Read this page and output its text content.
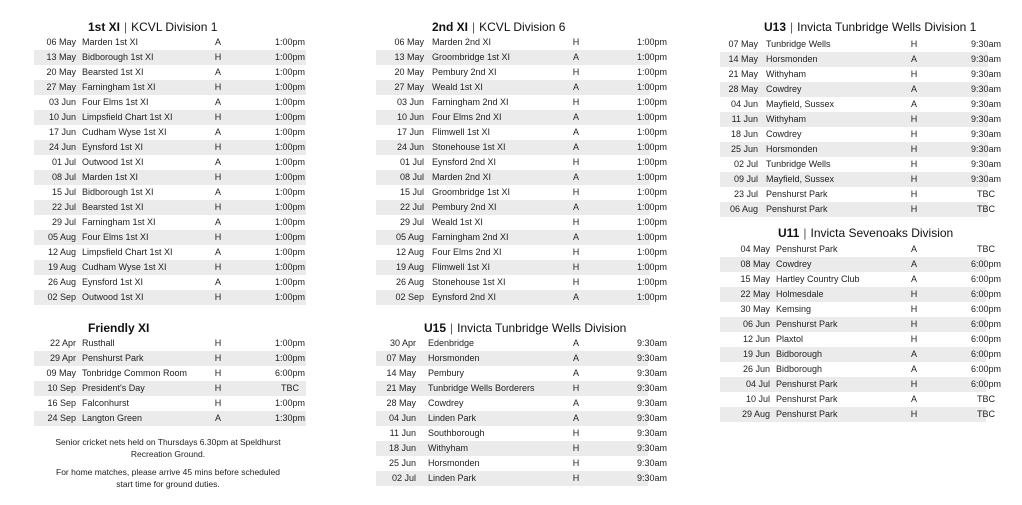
1st XI | KCVL Division 1
06 May Marden 1st XI	A	1:00pm
13 May Bidborough 1st XI	H	1:00pm
20 May Bearsted 1st XI	A	1:00pm
27 May Farningham 1st XI	H	1:00pm
03 Jun Four Elms 1st XI	A	1:00pm
10 Jun Limpsfield Chart 1st XI	H	1:00pm
17 Jun Cudham Wyse 1st XI	A	1:00pm
24 Jun Eynsford 1st XI	H	1:00pm
01 Jul Outwood 1st XI	A	1:00pm
08 Jul Marden 1st XI	H	1:00pm
15 Jul Bidborough 1st XI	A	1:00pm
22 Jul Bearsted 1st XI	H	1:00pm
29 Jul Farningham 1st XI	A	1:00pm
05 Aug Four Elms 1st XI	H	1:00pm
12 Aug Limpsfield Chart 1st XI	A	1:00pm
19 Aug Cudham Wyse 1st XI	H	1:00pm
26 Aug Eynsford 1st XI	A	1:00pm
02 Sep Outwood 1st XI	H	1:00pm
Friendly XI
22 Apr Rusthall	H	1:00pm
29 Apr Penshurst Park	H	1:00pm
09 May Tonbridge Common Room	H	6:00pm
10 Sep President's Day	H	TBC
16 Sep Falconhurst	H	1:00pm
24 Sep Langton Green	A	1:30pm
2nd XI | KCVL Division 6
06 May Marden 2nd XI	H	1:00pm
13 May Groombridge 1st XI	A	1:00pm
20 May Pembury 2nd XI	H	1:00pm
27 May Weald 1st XI	A	1:00pm
03 Jun Farningham 2nd XI	H	1:00pm
10 Jun Four Elms 2nd XI	A	1:00pm
17 Jun Flimwell 1st XI	A	1:00pm
24 Jun Stonehouse 1st XI	A	1:00pm
01 Jul Eynsford 2nd XI	H	1:00pm
08 Jul Marden 2nd XI	A	1:00pm
15 Jul Groombridge 1st XI	H	1:00pm
22 Jul Pembury 2nd XI	A	1:00pm
29 Jul Weald 1st XI	H	1:00pm
05 Aug Farningham 2nd XI	A	1:00pm
12 Aug Four Elms 2nd XI	H	1:00pm
19 Aug Flimwell 1st XI	H	1:00pm
26 Aug Stonehouse 1st XI	H	1:00pm
02 Sep Eynsford 2nd XI	A	1:00pm
U15 | Invicta Tunbridge Wells Division
30 Apr Edenbridge	A	9:30am
07 May Horsmonden	A	9:30am
14 May Pembury	A	9:30am
21 May Tunbridge Wells Borderers	H	9:30am
28 May Cowdrey	A	9:30am
04 Jun Linden Park	A	9:30am
11 Jun Southborough	H	9:30am
18 Jun Withyham	H	9:30am
25 Jun Horsmonden	H	9:30am
02 Jul Linden Park	H	9:30am
U13 | Invicta Tunbridge Wells Division 1
07 May Tunbridge Wells	H	9:30am
14 May Horsmonden	A	9:30am
21 May Withyham	H	9:30am
28 May Cowdrey	A	9:30am
04 Jun Mayfield, Sussex	A	9:30am
11 Jun Withyham	H	9:30am
18 Jun Cowdrey	H	9:30am
25 Jun Horsmonden	H	9:30am
02 Jul Tunbridge Wells	H	9:30am
09 Jul Mayfield, Sussex	H	9:30am
23 Jul Penshurst Park	H	TBC
06 Aug Penshurst Park	H	TBC
U11 | Invicta Sevenoaks Division
04 May Penshurst Park	A	TBC
08 May Cowdrey	A	6:00pm
15 May Hartley Country Club	A	6:00pm
22 May Holmesdale	H	6:00pm
30 May Kemsing	H	6:00pm
06 Jun Penshurst Park	H	6:00pm
12 Jun Plaxtol	H	6:00pm
19 Jun Bidborough	A	6:00pm
26 Jun Bidborough	A	6:00pm
04 Jul Penshurst Park	H	6:00pm
10 Jul Penshurst Park	A	TBC
29 Aug Penshurst Park	H	TBC

Senior cricket nets held on Thursdays 6.30pm at Speldhurst Recreation Ground.

For home matches, please arrive 45 mins before scheduled start time for ground duties.
